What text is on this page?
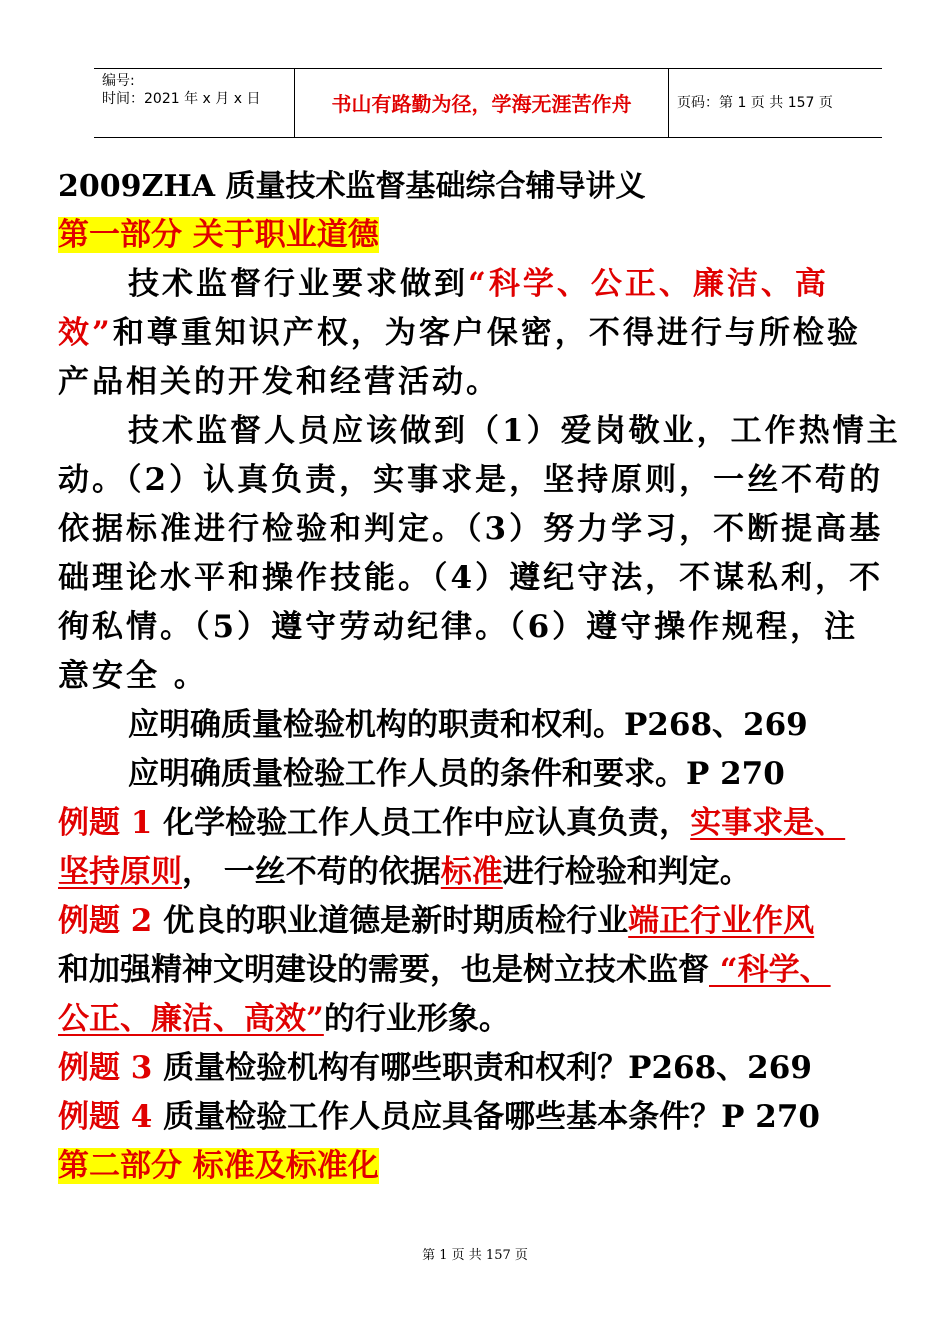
编号:
时间：2021 年 x 月 x 日	书山有路勤为径，学海无涯苦作舟	页码：第 1 页 共 157 页
2009ZHA 质量技术监督基础综合辅导讲义
第一部分 关于职业道德
技术监督行业要求做到“科学、公正、廉洁、高
效”和尊重知识产权，为客户保密，不得进行与所检验
产品相关的开发和经营活动。
技术监督人员应该做到（1）爱岗敬业，工作热情主
动。（2）认真负责，实事求是，坚持原则，一丝不苟的
依据标准进行检验和判定。（3）努力学习，不断提高基
础理论水平和操作技能。（4）遵纪守法，不谋私利，不
徇私情。（5）遵守劳动纪律。（6）遵守操作规程，注
意安全 。
应明确质量检验机构的职责和权利。P268、269
应明确质量检验工作人员的条件和要求。P 270
例题 1 化学检验工作人员工作中应认真负责，实事求是、
坚持原则， 一丝不苟的依据标准进行检验和判定。
例题 2 优良的职业道德是新时期质检行业端正行业作风
和加强精神文明建设的需要，也是树立技术监督 “科学、
公正、廉洁、高效”的行业形象。
例题 3 质量检验机构有哪些职责和权利？P268、269
例题 4 质量检验工作人员应具备哪些基本条件？P 270
第二部分 标准及标准化
第 1 页 共 157 页
